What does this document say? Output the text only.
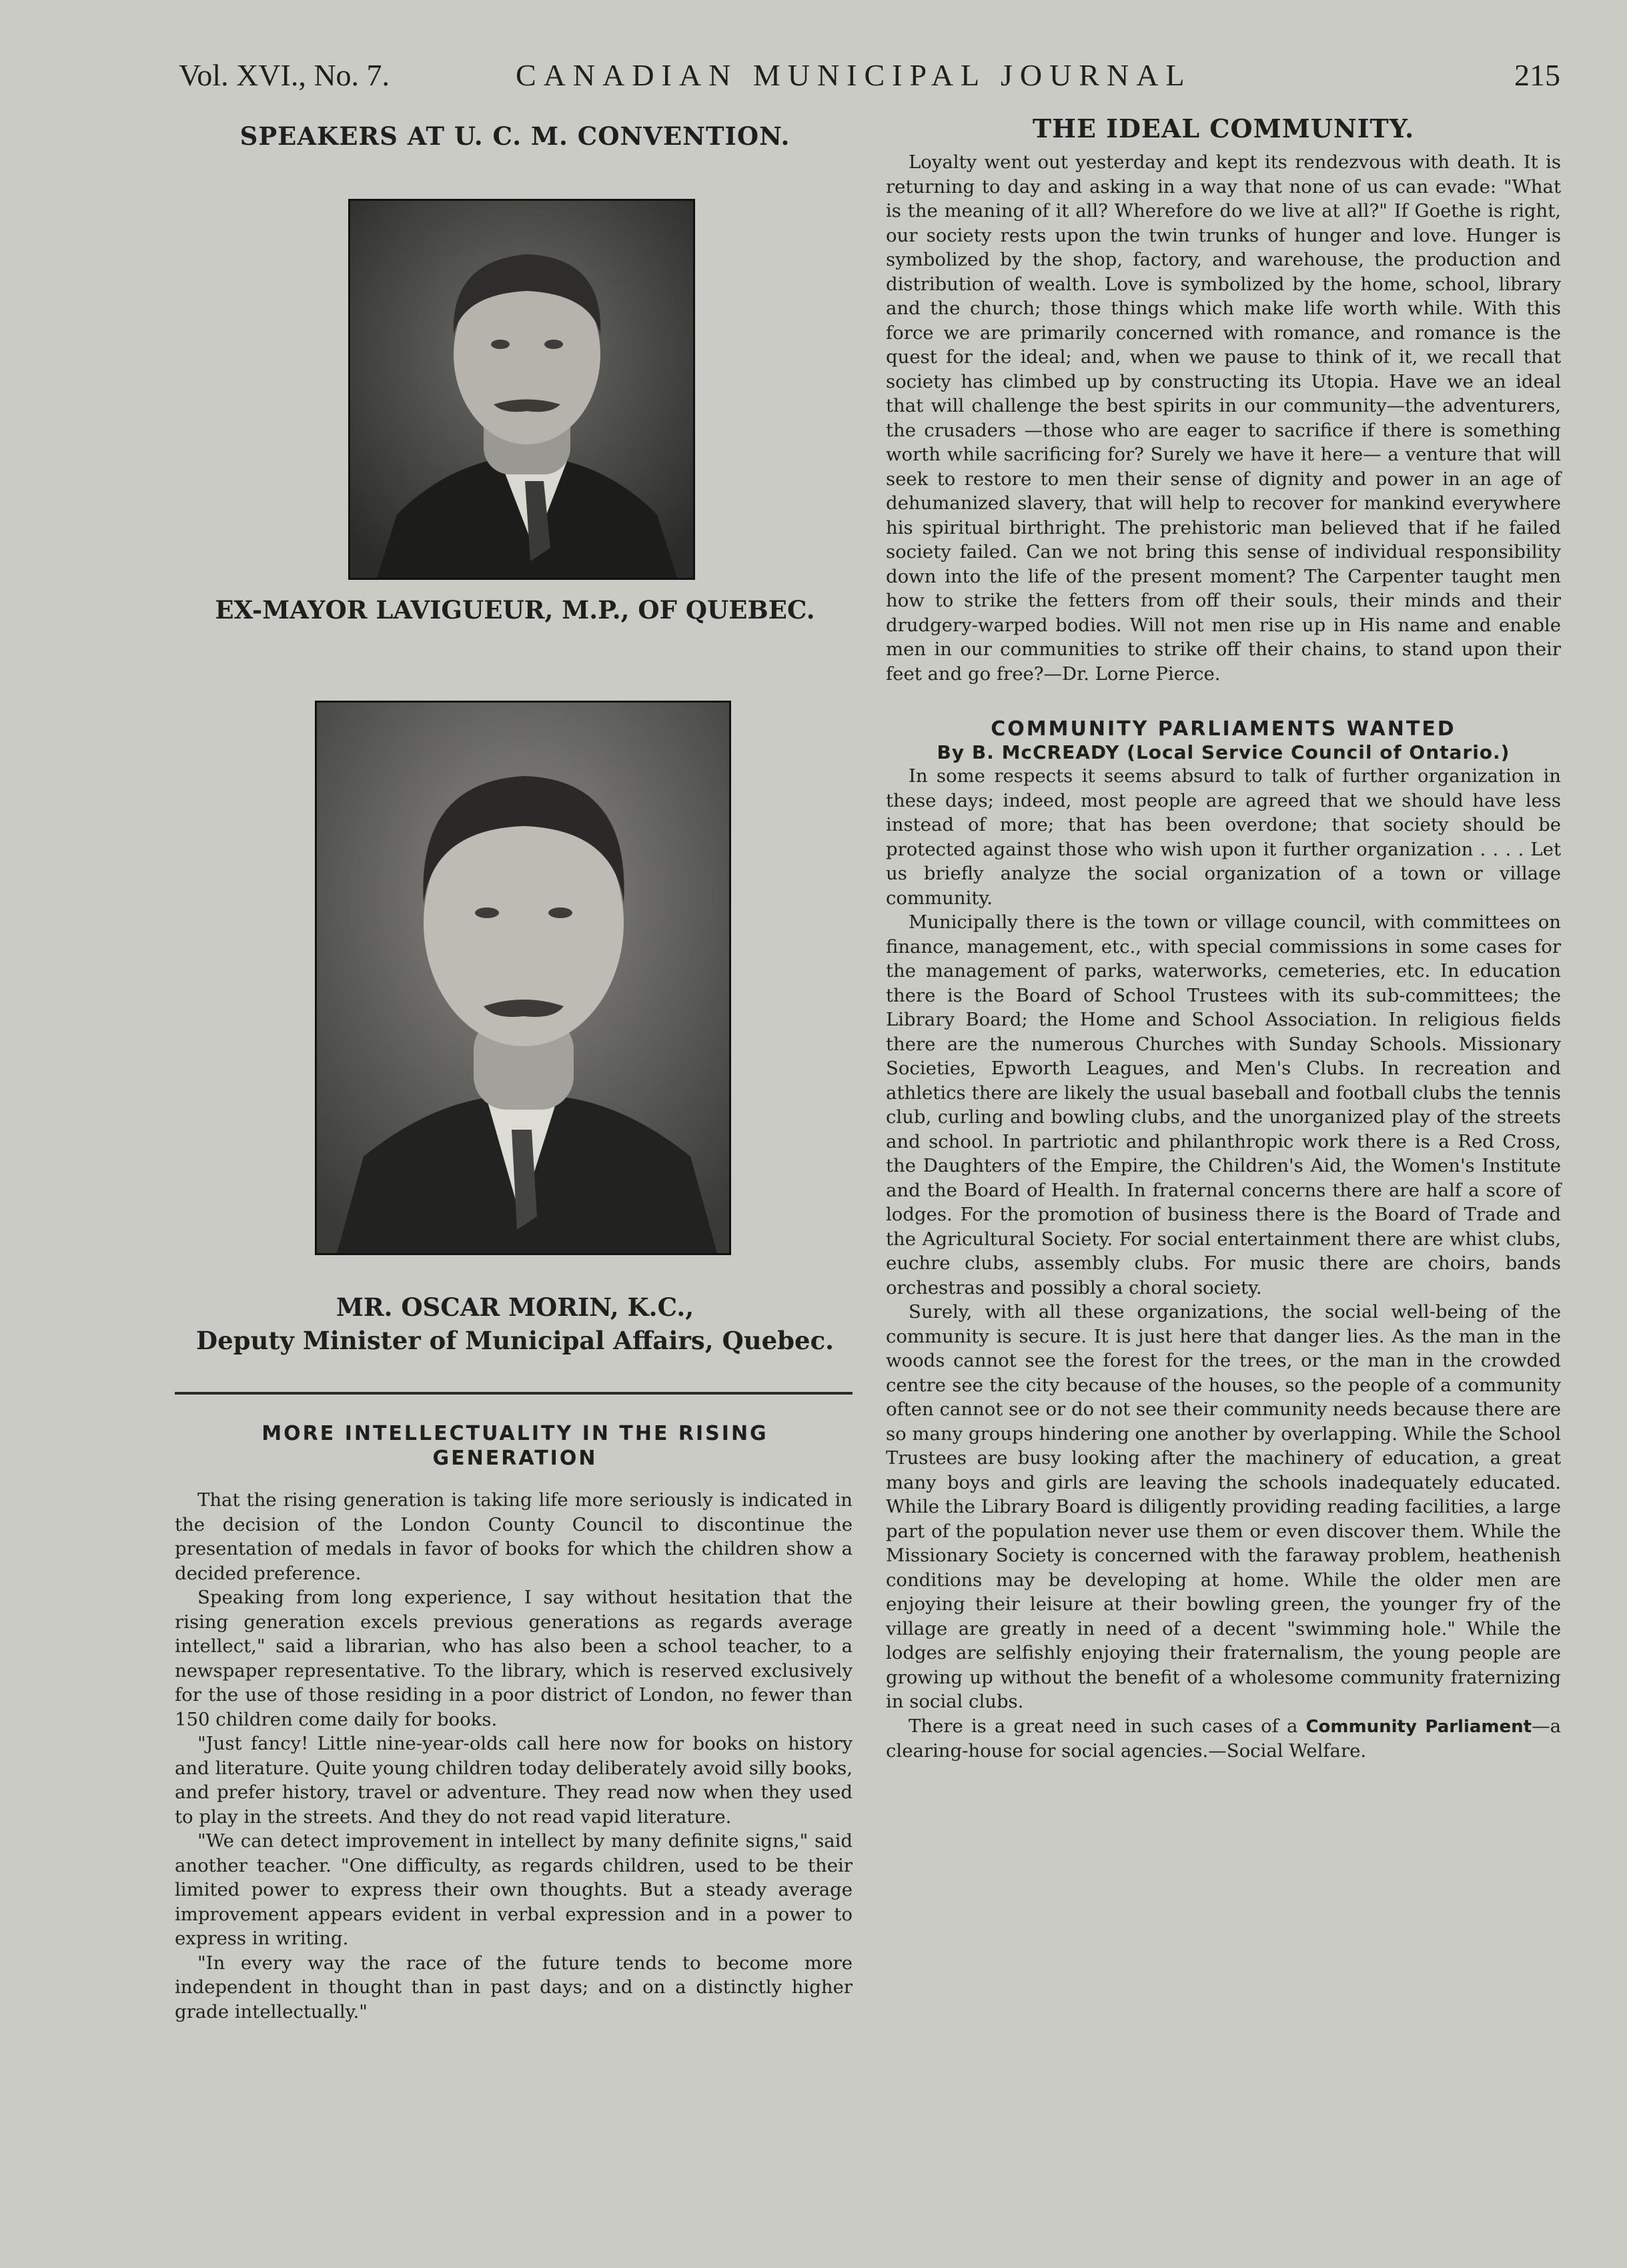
Vol. XVI., No. 7.	CANADIAN MUNICIPAL JOURNAL	215
SPEAKERS AT U. C. M. CONVENTION.
EX-MAYOR LAVIGUEUR, M.P., OF QUEBEC.
MR. OSCAR MORIN, K.C.,
Deputy Minister of Municipal Affairs, Quebec.
MORE INTELLECTUALITY IN THE RISING GENERATION

That the rising generation is taking life more seriously is indicated in the decision of the London County Council to discontinue the presentation of medals in favor of books for which the children show a decided preference.

Speaking from long experience, I say without hesitation that the rising generation excels previous generations as regards average intellect," said a librarian, who has also been a school teacher, to a newspaper representative. To the library, which is reserved exclusively for the use of those residing in a poor district of London, no fewer than 150 children come daily for books.

"Just fancy! Little nine-year-olds call here now for books on history and literature. Quite young children today deliberately avoid silly books, and prefer history, travel or adventure. They read now when they used to play in the streets. And they do not read vapid literature.

"We can detect improvement in intellect by many definite signs," said another teacher. "One difficulty, as regards children, used to be their limited power to express their own thoughts. But a steady average improvement appears evident in verbal expression and in a power to express in writing.

"In every way the race of the future tends to become more independent in thought than in past days; and on a distinctly higher grade intellectually."

THE IDEAL COMMUNITY.

Loyalty went out yesterday and kept its rendezvous with death. It is returning to day and asking in a way that none of us can evade: "What is the meaning of it all? Wherefore do we live at all?" If Goethe is right, our society rests upon the twin trunks of hunger and love. Hunger is symbolized by the shop, factory, and warehouse, the production and distribution of wealth. Love is symbolized by the home, school, library and the church; those things which make life worth while. With this force we are primarily concerned with romance, and romance is the quest for the ideal; and, when we pause to think of it, we recall that society has climbed up by constructing its Utopia. Have we an ideal that will challenge the best spirits in our community—the adventurers, the crusaders —those who are eager to sacrifice if there is something worth while sacrificing for? Surely we have it here— a venture that will seek to restore to men their sense of dignity and power in an age of dehumanized slavery, that will help to recover for mankind everywhere his spiritual birthright. The prehistoric man believed that if he failed society failed. Can we not bring this sense of individual responsibility down into the life of the present moment? The Carpenter taught men how to strike the fetters from off their souls, their minds and their drudgery-warped bodies. Will not men rise up in His name and enable men in our communities to strike off their chains, to stand upon their feet and go free?—Dr. Lorne Pierce.

COMMUNITY PARLIAMENTS WANTED
By B. McCREADY (Local Service Council of Ontario.)

In some respects it seems absurd to talk of further organization in these days; indeed, most people are agreed that we should have less instead of more; that has been overdone; that society should be protected against those who wish upon it further organization . . . . Let us briefly analyze the social organization of a town or village community.

Municipally there is the town or village council, with committees on finance, management, etc., with special commissions in some cases for the management of parks, waterworks, cemeteries, etc. In education there is the Board of School Trustees with its sub-committees; the Library Board; the Home and School Association. In religious fields there are the numerous Churches with Sunday Schools. Missionary Societies, Epworth Leagues, and Men's Clubs. In recreation and athletics there are likely the usual baseball and football clubs the tennis club, curling and bowling clubs, and the unorganized play of the streets and school. In partriotic and philanthropic work there is a Red Cross, the Daughters of the Empire, the Children's Aid, the Women's Institute and the Board of Health. In fraternal concerns there are half a score of lodges. For the promotion of business there is the Board of Trade and the Agricultural Society. For social entertainment there are whist clubs, euchre clubs, assembly clubs. For music there are choirs, bands orchestras and possibly a choral society.

Surely, with all these organizations, the social well-being of the community is secure. It is just here that danger lies. As the man in the woods cannot see the forest for the trees, or the man in the crowded centre see the city because of the houses, so the people of a community often cannot see or do not see their community needs because there are so many groups hindering one another by overlapping. While the School Trustees are busy looking after the machinery of education, a great many boys and girls are leaving the schools inadequately educated. While the Library Board is diligently providing reading facilities, a large part of the population never use them or even discover them. While the Missionary Society is concerned with the faraway problem, heathenish conditions may be developing at home. While the older men are enjoying their leisure at their bowling green, the younger fry of the village are greatly in need of a decent "swimming hole." While the lodges are selfishly enjoying their fraternalism, the young people are growing up without the benefit of a wholesome community fraternizing in social clubs.

There is a great need in such cases of a Community Parliament—a clearing-house for social agencies.—Social Welfare.
